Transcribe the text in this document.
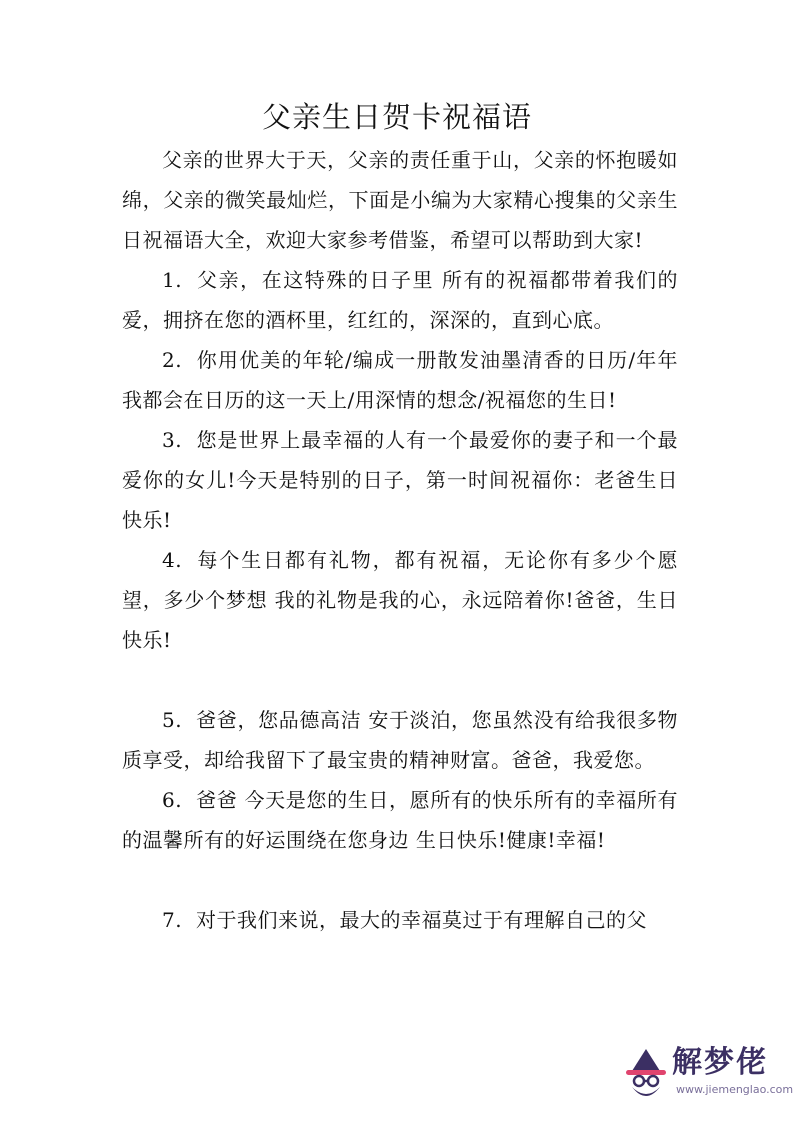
父亲生日贺卡祝福语

父亲的世界大于天，父亲的责任重于山，父亲的怀抱暖如绵，父亲的微笑最灿烂，下面是小编为大家精心搜集的父亲生日祝福语大全，欢迎大家参考借鉴，希望可以帮助到大家!

1. 父亲，在这特殊的日子里 所有的祝福都带着我们的爱，拥挤在您的酒杯里，红红的，深深的，直到心底。

2. 你用优美的年轮/编成一册散发油墨清香的日历/年年我都会在日历的这一天上/用深情的想念/祝福您的生日!

3. 您是世界上最幸福的人有一个最爱你的妻子和一个最爱你的女儿!今天是特别的日子，第一时间祝福你：老爸生日快乐!

4. 每个生日都有礼物，都有祝福，无论你有多少个愿望，多少个梦想 我的礼物是我的心，永远陪着你!爸爸，生日快乐!

5. 爸爸，您品德高洁 安于淡泊，您虽然没有给我很多物质享受，却给我留下了最宝贵的精神财富。爸爸，我爱您。

6. 爸爸 今天是您的生日，愿所有的快乐所有的幸福所有的温馨所有的好运围绕在您身边 生日快乐!健康!幸福!

7. 对于我们来说，最大的幸福莫过于有理解自己的父

解梦佬
www.jiemenglao.com
